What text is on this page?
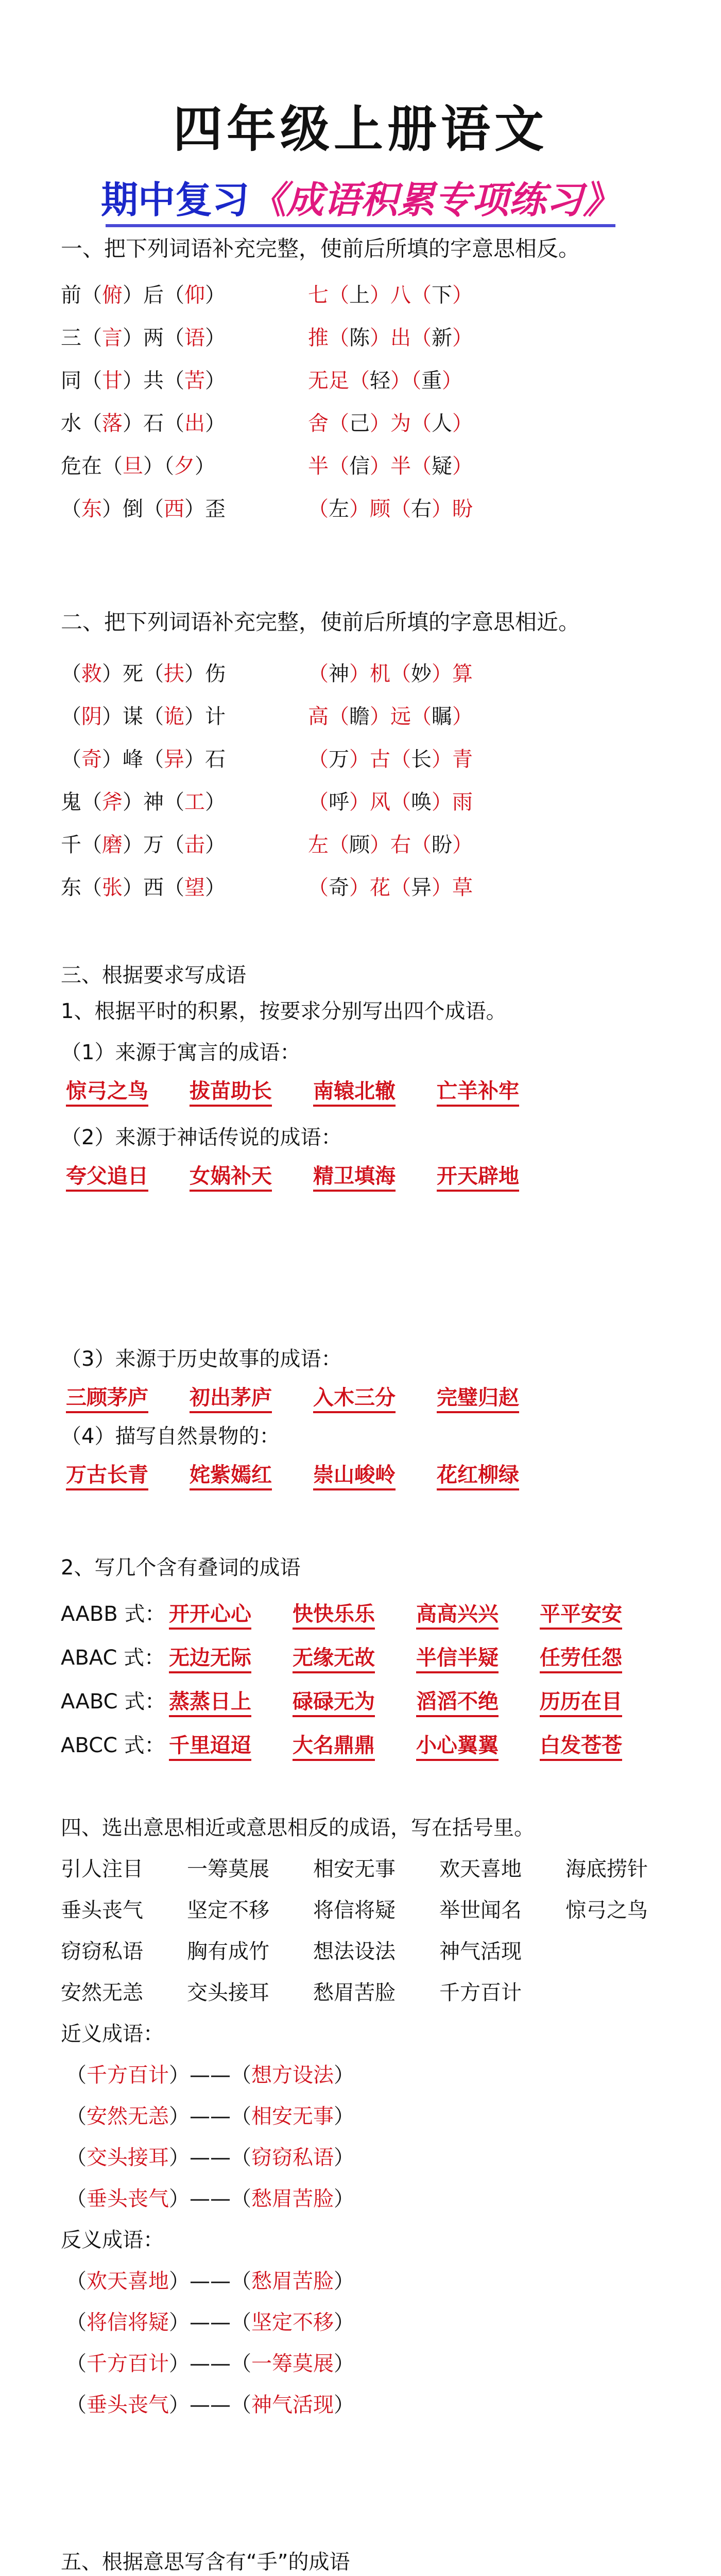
四年级上册语文
期中复习《成语积累专项练习》
一、把下列词语补充完整，使前后所填的字意思相反。
前（俯）后（仰）	七（上）八（下）
三（言）两（语）	推（陈）出（新）
同（甘）共（苦）	无足（轻）（重）
水（落）石（出）	舍（己）为（人）
危在（旦）（夕）	半（信）半（疑）
（东）倒（西）歪	（左）顾（右）盼
二、把下列词语补充完整，使前后所填的字意思相近。
（救）死（扶）伤	（神）机（妙）算
（阴）谋（诡）计	高（瞻）远（瞩）
（奇）峰（异）石	（万）古（长）青
鬼（斧）神（工）	（呼）风（唤）雨
千（磨）万（击）	左（顾）右（盼）
东（张）西（望）	（奇）花（异）草
三、根据要求写成语
1、根据平时的积累，按要求分别写出四个成语。
（1）来源于寓言的成语：
惊弓之鸟 拔苗助长 南辕北辙 亡羊补牢
（2）来源于神话传说的成语：
夸父追日 女娲补天 精卫填海 开天辟地
（3）来源于历史故事的成语：
三顾茅庐 初出茅庐 入木三分 完璧归赵
（4）描写自然景物的：
万古长青 姹紫嫣红 崇山峻岭 花红柳绿
2、写几个含有叠词的成语
AABB 式： 开开心心 快快乐乐 高高兴兴 平平安安
ABAC 式： 无边无际 无缘无故 半信半疑 任劳任怨
AABC 式： 蒸蒸日上 碌碌无为 滔滔不绝 历历在目
ABCC 式： 千里迢迢 大名鼎鼎 小心翼翼 白发苍苍
四、选出意思相近或意思相反的成语，写在括号里。
引人注目 一筹莫展 相安无事 欢天喜地 海底捞针
垂头丧气 坚定不移 将信将疑 举世闻名 惊弓之鸟
窃窃私语 胸有成竹 想法设法 神气活现
安然无恙 交头接耳 愁眉苦脸 千方百计
近义成语：
（千方百计）——（想方设法）
（安然无恙）——（相安无事）
（交头接耳）——（窃窃私语）
（垂头丧气）——（愁眉苦脸）
反义成语：
（欢天喜地）——（愁眉苦脸）
（将信将疑）——（坚定不移）
（千方百计）——（一筹莫展）
（垂头丧气）——（神气活现）
五、根据意思写含有“手”的成语
